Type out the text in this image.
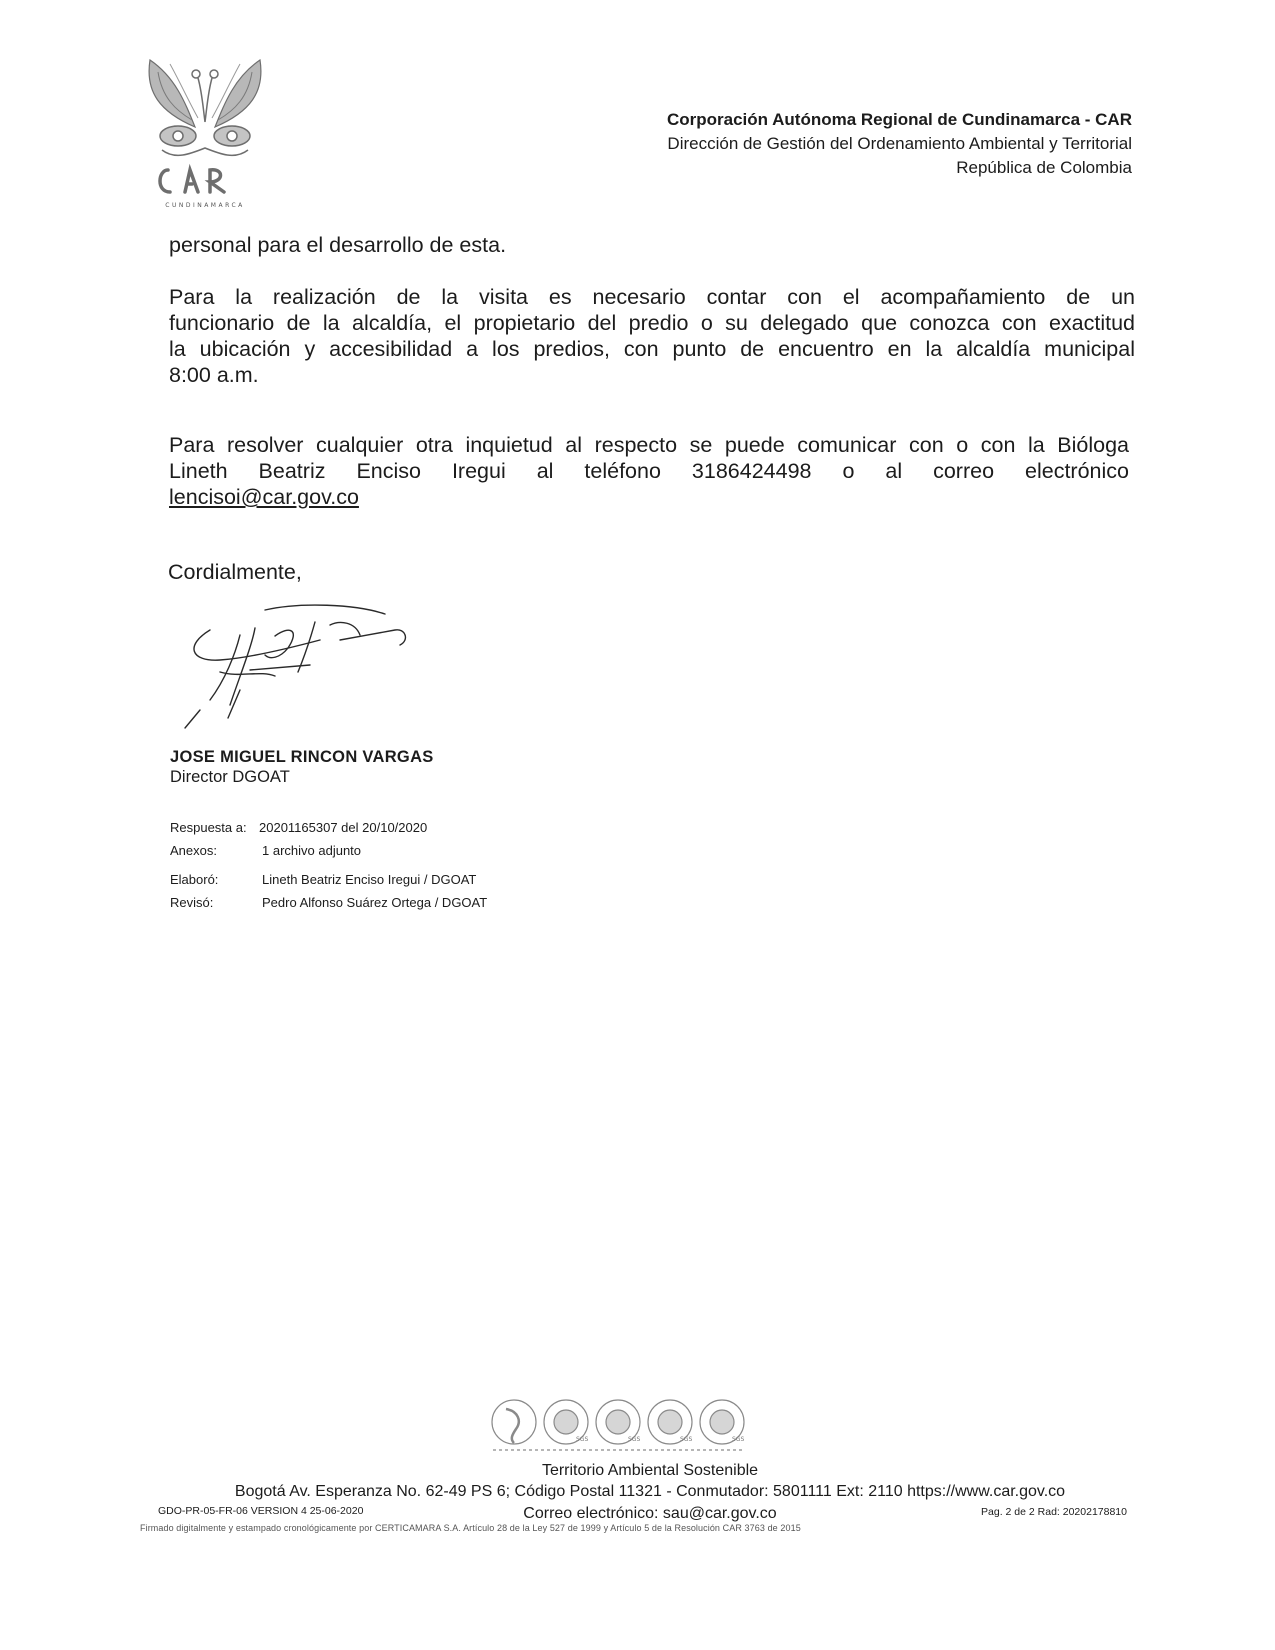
CUNDINAMARCA
Corporación Autónoma Regional de Cundinamarca - CAR
Dirección de Gestión del Ordenamiento Ambiental y Territorial
República de Colombia
personal para el desarrollo de esta.
Para la realización de la visita es necesario contar con el acompañamiento de un
funcionario de la alcaldía, el propietario del predio o su delegado que conozca con exactitud
la ubicación y accesibilidad a los predios, con punto de encuentro en la alcaldía municipal
8:00 a.m.
Para resolver cualquier otra inquietud al respecto se puede comunicar con o con la Bióloga
Lineth Beatriz Enciso Iregui al teléfono 3186424498 o al correo electrónico
lencisoi@car.gov.co
Cordialmente,
JOSE MIGUEL RINCON VARGAS
Director DGOAT
Respuesta a: 20201165307 del 20/10/2020
Anexos:	1 archivo adjunto
Elaboró:	Lineth Beatriz Enciso Iregui / DGOAT
Revisó:	Pedro Alfonso Suárez Ortega / DGOAT
SGS	SGS	SGS	SGS
Territorio Ambiental Sostenible
Bogotá Av. Esperanza No. 62-49 PS 6; Código Postal 11321 - Conmutador: 5801111 Ext: 2110 https://www.car.gov.co
Correo electrónico: sau@car.gov.co
GDO-PR-05-FR-06 VERSION 4 25-06-2020	Pag. 2 de 2 Rad: 20202178810
Firmado digitalmente y estampado cronológicamente por CERTICAMARA S.A. Artículo 28 de la Ley 527 de 1999 y Artículo 5 de la Resolución CAR 3763 de 2015
